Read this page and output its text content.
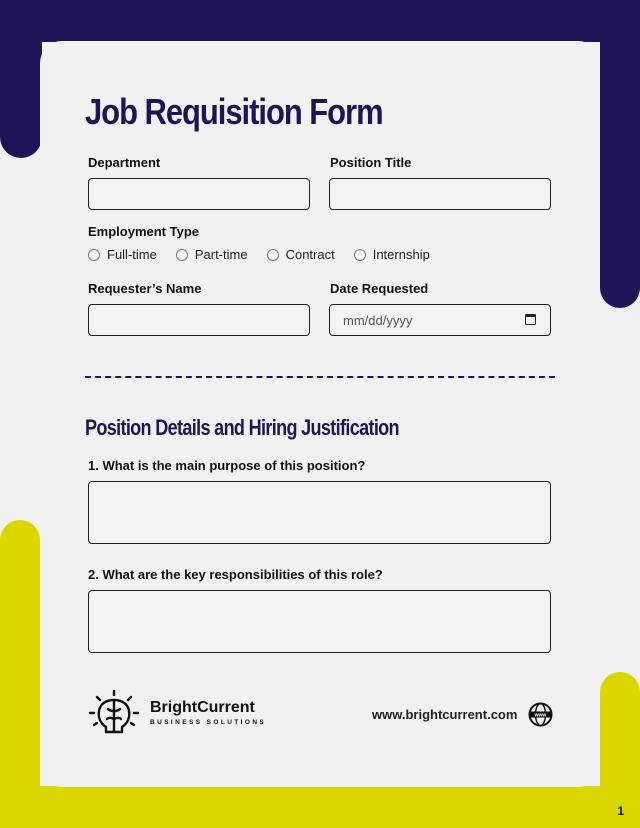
1
Job Requisition Form
Department	Position Title
Employment Type
Full-time	Part-time	Contract	Internship
Requester’s Name	Date Requested
mm/dd/yyyy
Position Details and Hiring Justification
1. What is the main purpose of this position?
2. What are the key responsibilities of this role?
BrightCurrent
BUSINESS SOLUTIONS
www.brightcurrent.com	www
